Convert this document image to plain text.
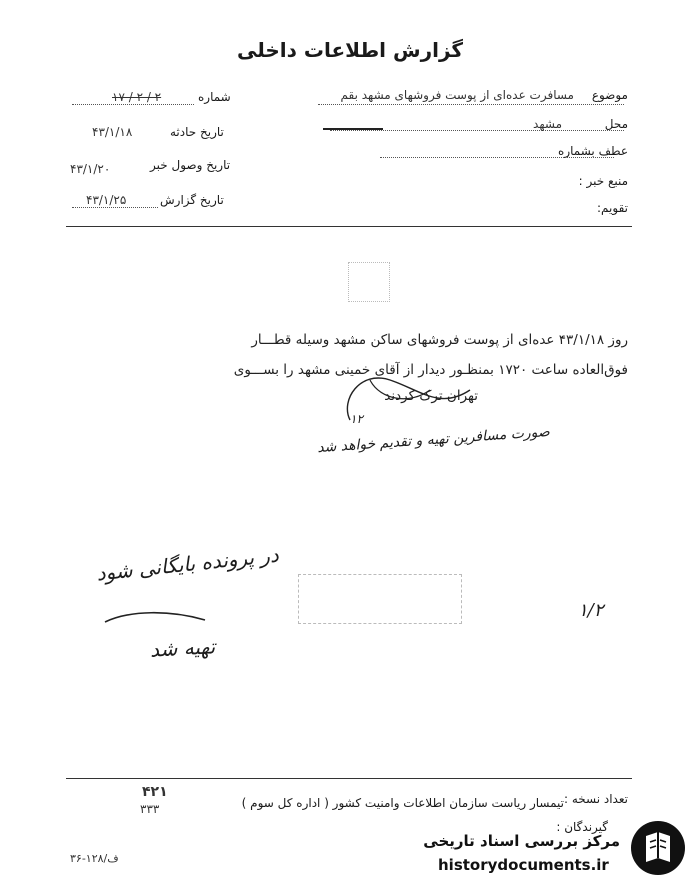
گزارش اطلاعات داخلی
موضوع
مسافرت عده‌ای از پوست فروشهای مشهد بقم
محل
مشهد
عطف بشماره
منبع خبر :
تقویم:
شماره
۱۷ / ۲ / ۲
تاریخ حادثه
۴۳/۱/۱۸
تاریخ وصول خبر
۴۳/۱/۲۰
تاریخ گزارش
۴۳/۱/۲۵
روز ۴۳/۱/۱۸ عده‌ای از پوست فروشهای ساکن مشهد وسیله قطـــار
فوق‌العاده ساعت ۱۷۲۰ بمنظـور دیدار از آقای خمینی مشهد را بســـوی
تهران ترک کردند
۱۲
صورت مسافرین تهیه و تقدیم خواهد شد
در پرونده بایگانی شود
تهیه شد
۱/۲
تعداد نسخه :
تیمسار ریاست سازمان اطلاعات وامنیت کشور ( اداره کل سوم )
گیرندگان :
۴۲۱
۳۳۳
۳۶-۱۲۸/ف
مرکز بررسی اسناد تاریخی
historydocuments.ir
